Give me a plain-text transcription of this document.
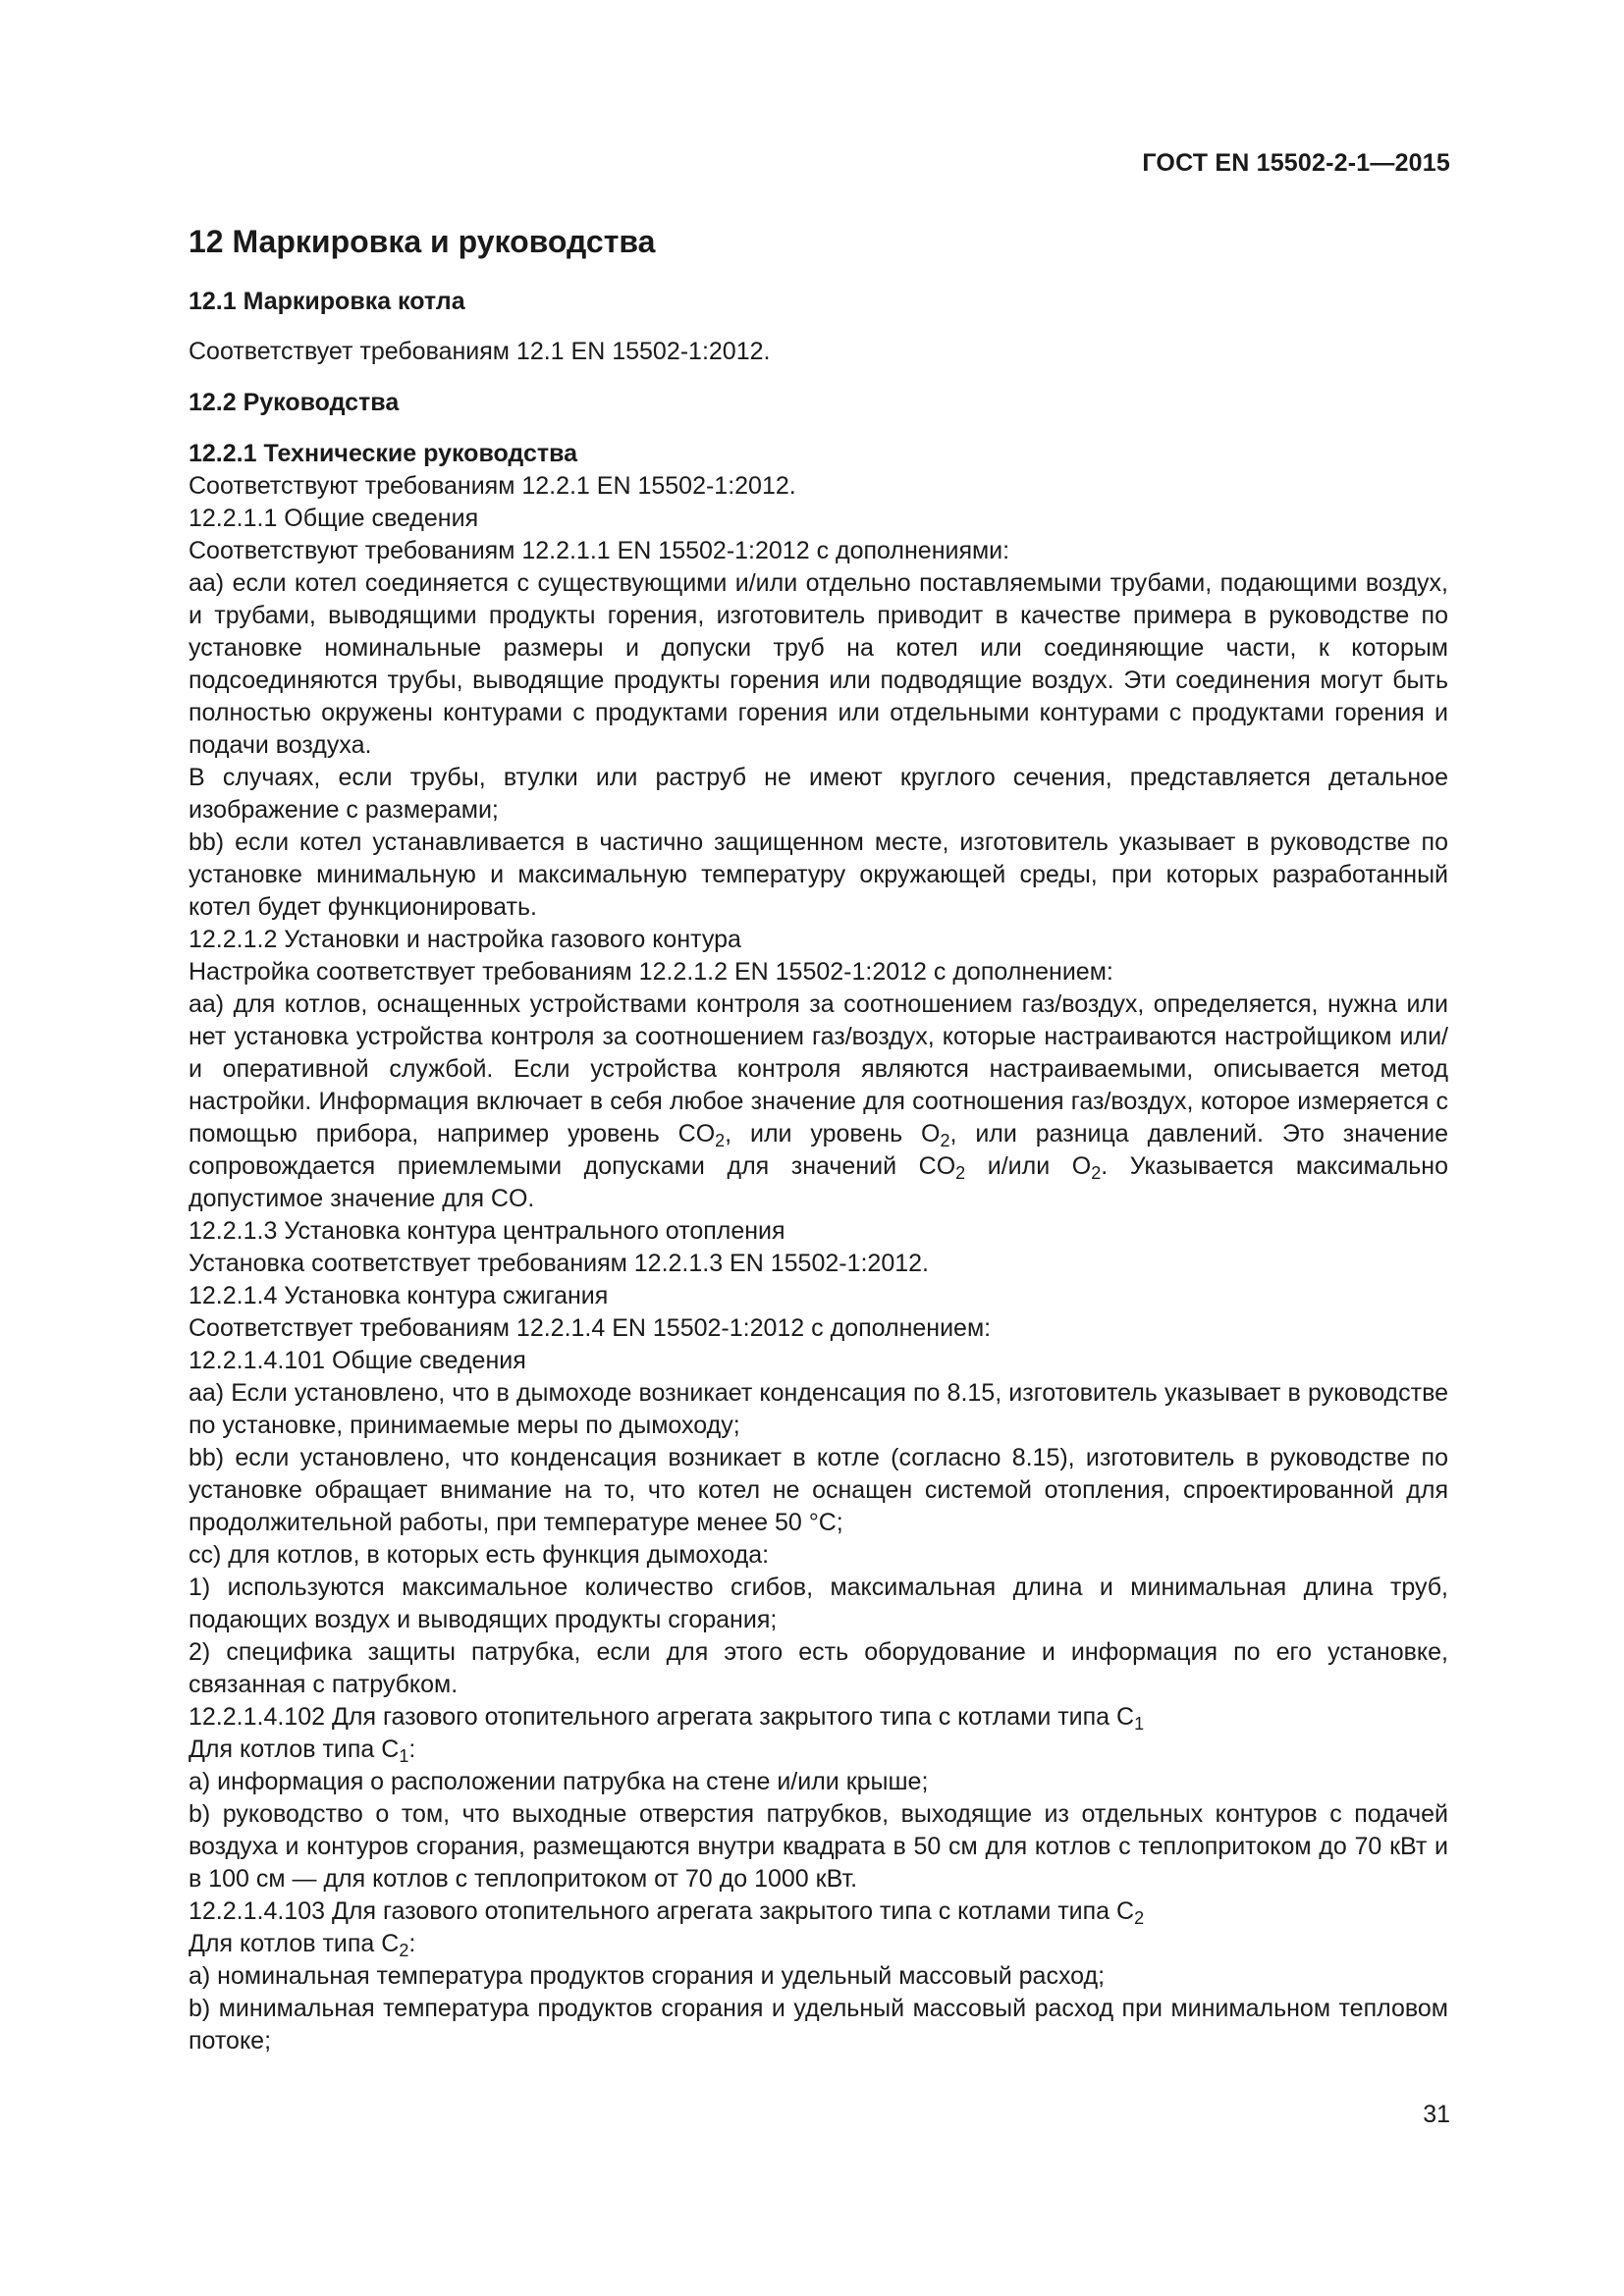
ГОСТ EN 15502-2-1—2015
12 Маркировка и руководства
12.1 Маркировка котла
Соответствует требованиям 12.1 EN 15502-1:2012.
12.2 Руководства
12.2.1 Технические руководства

Соответствуют требованиям 12.2.1 EN 15502-1:2012.

12.2.1.1 Общие сведения

Соответствуют требованиям 12.2.1.1 EN 15502-1:2012 с дополнениями:

аа) если котел соединяется с существующими и/или отдельно поставляемыми трубами, подающими воздух, и трубами, выводящими продукты горения, изготовитель приводит в качестве примера в руководстве по установке номинальные размеры и допуски труб на котел или соединяющие части, к которым подсоединяются трубы, выводящие продукты горения или подводящие воздух. Эти соединения могут быть полностью окружены контурами с продуктами горения или отдельными контурами с продуктами горения и подачи воздуха.

В случаях, если трубы, втулки или раструб не имеют круглого сечения, представляется детальное изображение с размерами;

bb) если котел устанавливается в частично защищенном месте, изготовитель указывает в руководстве по установке минимальную и максимальную температуру окружающей среды, при которых разработанный котел будет функционировать.

12.2.1.2 Установки и настройка газового контура

Настройка соответствует требованиям 12.2.1.2 EN 15502-1:2012 с дополнением:

аа) для котлов, оснащенных устройствами контроля за соотношением газ/воздух, определяется, нужна или нет установка устройства контроля за соотношением газ/воздух, которые настраиваются настройщиком или/и оперативной службой. Если устройства контроля являются настраиваемыми, описывается метод настройки. Информация включает в себя любое значение для соотношения газ/воздух, которое измеряется с помощью прибора, например уровень $CO_2$, или уровень $O_2$, или разница давлений. Это значение сопровождается приемлемыми допусками для значений $CO_2$ и/или $O_2$. Указывается максимально допустимое значение для CO.

12.2.1.3 Установка контура центрального отопления

Установка соответствует требованиям 12.2.1.3 EN 15502-1:2012.

12.2.1.4 Установка контура сжигания

Соответствует требованиям 12.2.1.4 EN 15502-1:2012 с дополнением:

12.2.1.4.101 Общие сведения

аа) Если установлено, что в дымоходе возникает конденсация по 8.15, изготовитель указывает в руководстве по установке, принимаемые меры по дымоходу;

bb) если установлено, что конденсация возникает в котле (согласно 8.15), изготовитель в руководстве по установке обращает внимание на то, что котел не оснащен системой отопления, спроектированной для продолжительной работы, при температуре менее 50 °С;

сс) для котлов, в которых есть функция дымохода:

1) используются максимальное количество сгибов, максимальная длина и минимальная длина труб, подающих воздух и выводящих продукты сгорания;

2) специфика защиты патрубка, если для этого есть оборудование и информация по его установке, связанная с патрубком.

12.2.1.4.102 Для газового отопительного агрегата закрытого типа с котлами типа $C_1$

Для котлов типа $C_1$:

a) информация о расположении патрубка на стене и/или крыше;

b) руководство о том, что выходные отверстия патрубков, выходящие из отдельных контуров с подачей воздуха и контуров сгорания, размещаются внутри квадрата в 50 см для котлов с теплопритоком до 70 кВт и в 100 см — для котлов с теплопритоком от 70 до 1000 кВт.

12.2.1.4.103 Для газового отопительного агрегата закрытого типа с котлами типа $C_2$

Для котлов типа $C_2$:

a) номинальная температура продуктов сгорания и удельный массовый расход;

b) минимальная температура продуктов сгорания и удельный массовый расход при минимальном тепловом потоке;

31
